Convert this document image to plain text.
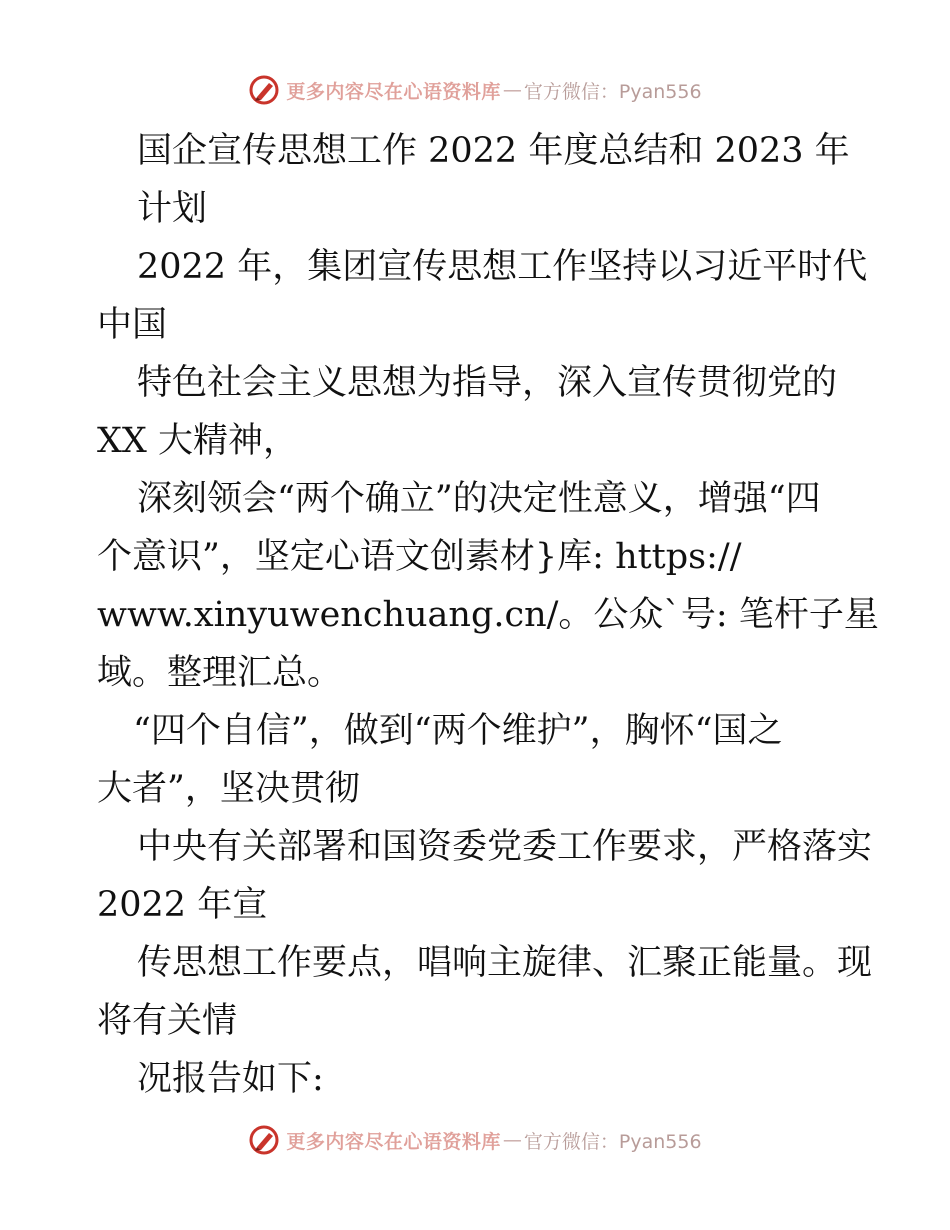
更多内容尽在心语资料库 — 官方微信：Pyan556
国企宣传思想工作 2022 年度总结和 2023 年
计划
2022 年，集团宣传思想工作坚持以习近平时代
中国
特色社会主义思想为指导，深入宣传贯彻党的
XX 大精神，
深刻领会“两个确立”的决定性意义，增强“四
个意识”，坚定心语文创素材}库: https://
www.xinyuwenchuang.cn/。公众`号: 笔杆子星
域。整理汇总。
“四个自信”，做到“两个维护”，胸怀“国之
大者”，坚决贯彻
中央有关部署和国资委党委工作要求，严格落实
2022 年宣
传思想工作要点，唱响主旋律、汇聚正能量。现
将有关情
况报告如下:
更多内容尽在心语资料库 — 官方微信：Pyan556
